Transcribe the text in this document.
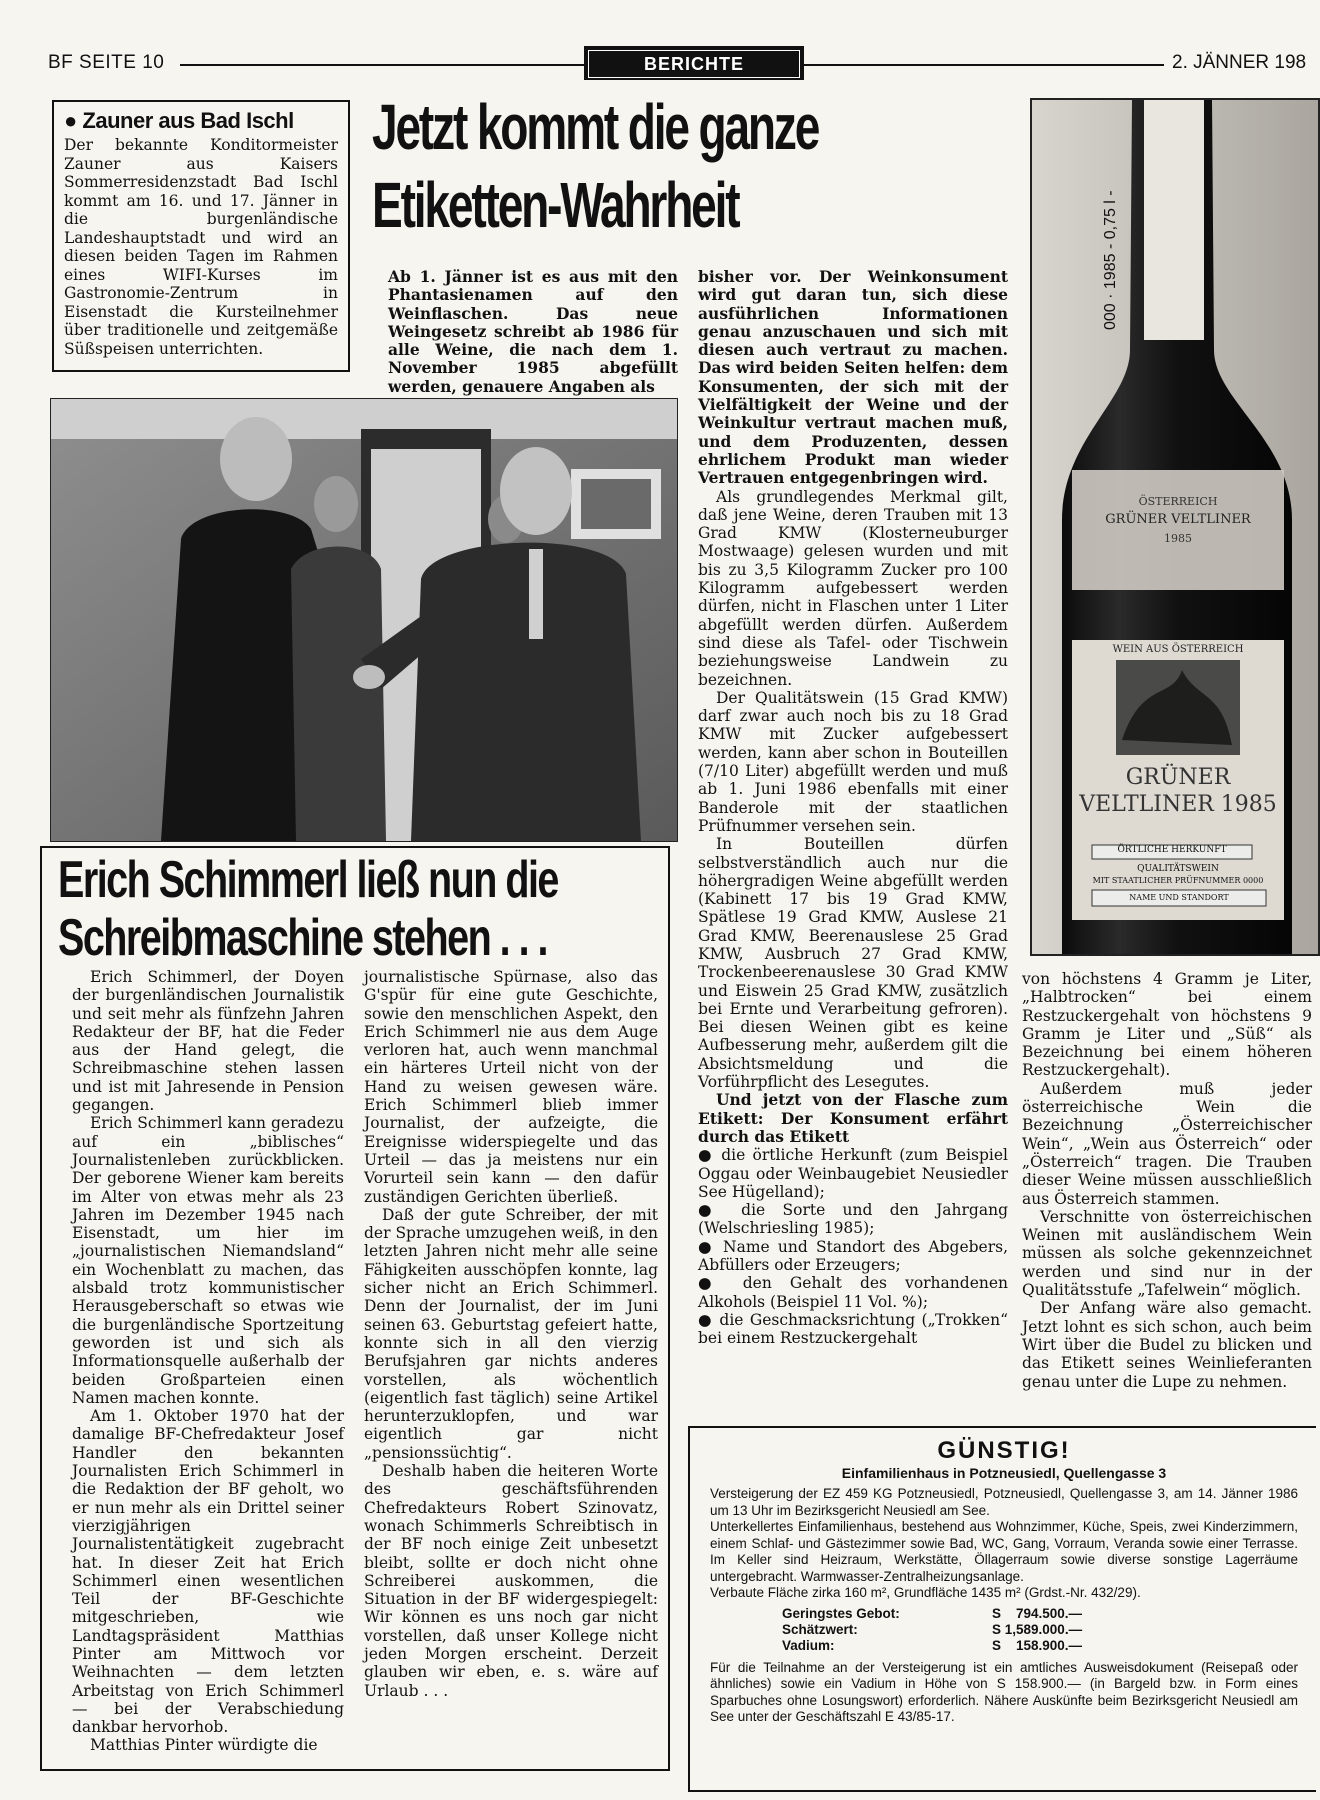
BF SEITE 10	BERICHTE	2. JÄNNER 198
● Zauner aus Bad Ischl

Der bekannte Konditormeister Zauner aus Kaisers Sommerresidenzstadt Bad Ischl kommt am 16. und 17. Jänner in die burgenländische Landeshauptstadt und wird an diesen beiden Tagen im Rahmen eines WIFI-Kurses im Gastronomie-Zentrum in Eisenstadt die Kursteilnehmer über traditionelle und zeitgemäße Süßspeisen unterrichten.

Jetzt kommt die ganze
Etiketten-Wahrheit

Ab 1. Jänner ist es aus mit den Phantasienamen auf den Weinflaschen. Das neue Weingesetz schreibt ab 1986 für alle Weine, die nach dem 1. November 1985 abgefüllt werden, genauere Angaben als

bisher vor. Der Weinkonsument wird gut daran tun, sich diese ausführlichen Informationen genau anzuschauen und sich mit diesen auch vertraut zu machen. Das wird beiden Seiten helfen: dem Konsumenten, der sich mit der Vielfältigkeit der Weine und der Weinkultur vertraut machen muß, und dem Produzenten, dessen ehrlichem Produkt man wieder Vertrauen entgegenbringen wird.

Als grundlegendes Merkmal gilt, daß jene Weine, deren Trauben mit 13 Grad KMW (Klosterneuburger Mostwaage) gelesen wurden und mit bis zu 3,5 Kilogramm Zucker pro 100 Kilogramm aufgebessert werden dürfen, nicht in Flaschen unter 1 Liter abgefüllt werden dürfen. Außerdem sind diese als Tafel- oder Tischwein beziehungsweise Landwein zu bezeichnen.

Der Qualitätswein (15 Grad KMW) darf zwar auch noch bis zu 18 Grad KMW mit Zucker aufgebessert werden, kann aber schon in Bouteillen (7/10 Liter) abgefüllt werden und muß ab 1. Juni 1986 ebenfalls mit einer Banderole mit der staatlichen Prüfnummer versehen sein.

In Bouteillen dürfen selbstverständlich auch nur die höhergradigen Weine abgefüllt werden (Kabinett 17 bis 19 Grad KMW, Spätlese 19 Grad KMW, Auslese 21 Grad KMW, Beerenauslese 25 Grad KMW, Ausbruch 27 Grad KMW, Trockenbeerenauslese 30 Grad KMW und Eiswein 25 Grad KMW, zusätzlich bei Ernte und Verarbeitung gefroren). Bei diesen Weinen gibt es keine Aufbesserung mehr, außerdem gilt die Absichtsmeldung und die Vorführpflicht des Lesegutes.

Und jetzt von der Flasche zum Etikett: Der Konsument erfährt durch das Etikett

● die örtliche Herkunft (zum Beispiel Oggau oder Weinbaugebiet Neusiedler See Hügelland);

● die Sorte und den Jahrgang (Welschriesling 1985);

● Name und Standort des Abgebers, Abfüllers oder Erzeugers;

● den Gehalt des vorhandenen Alkohols (Beispiel 11 Vol. %);

● die Geschmacksrichtung („Trokken“ bei einem Restzuckergehalt

000 · 1985 - 0,75 l -
ÖSTERREICH
GRÜNER VELTLINER
1985
WEIN AUS ÖSTERREICH
GRÜNER
VELTLINER 1985
ÖRTLICHE HERKUNFT
QUALITÄTSWEIN
MIT STAATLICHER PRÜFNUMMER 0000
NAME UND STANDORT
Erich Schimmerl ließ nun die
Schreibmaschine stehen . . .

Erich Schimmerl, der Doyen der burgenländischen Journalistik und seit mehr als fünfzehn Jahren Redakteur der BF, hat die Feder aus der Hand gelegt, die Schreibmaschine stehen lassen und ist mit Jahresende in Pension gegangen.

Erich Schimmerl kann geradezu auf ein „biblisches“ Journalistenleben zurückblicken. Der geborene Wiener kam bereits im Alter von etwas mehr als 23 Jahren im Dezember 1945 nach Eisenstadt, um hier im „journalistischen Niemandsland“ ein Wochenblatt zu machen, das alsbald trotz kommunistischer Herausgeberschaft so etwas wie die burgenländische Sportzeitung geworden ist und sich als Informationsquelle außerhalb der beiden Großparteien einen Namen machen konnte.

Am 1. Oktober 1970 hat der damalige BF-Chefredakteur Josef Handler den bekannten Journalisten Erich Schimmerl in die Redaktion der BF geholt, wo er nun mehr als ein Drittel seiner vierzigjährigen Journalistentätigkeit zugebracht hat. In dieser Zeit hat Erich Schimmerl einen wesentlichen Teil der BF-Geschichte mitgeschrieben, wie Landtagspräsident Matthias Pinter am Mittwoch vor Weihnachten — dem letzten Arbeitstag von Erich Schimmerl — bei der Verabschiedung dankbar hervorhob.

Matthias Pinter würdigte die

journalistische Spürnase, also das G'spür für eine gute Geschichte, sowie den menschlichen Aspekt, den Erich Schimmerl nie aus dem Auge verloren hat, auch wenn manchmal ein härteres Urteil nicht von der Hand zu weisen gewesen wäre. Erich Schimmerl blieb immer Journalist, der aufzeigte, die Ereignisse widerspiegelte und das Urteil — das ja meistens nur ein Vorurteil sein kann — den dafür zuständigen Gerichten überließ.

Daß der gute Schreiber, der mit der Sprache umzugehen weiß, in den letzten Jahren nicht mehr alle seine Fähigkeiten ausschöpfen konnte, lag sicher nicht an Erich Schimmerl. Denn der Journalist, der im Juni seinen 63. Geburtstag gefeiert hatte, konnte sich in all den vierzig Berufsjahren gar nichts anderes vorstellen, als wöchentlich (eigentlich fast täglich) seine Artikel herunterzuklopfen, und war eigentlich gar nicht „pensionssüchtig“.

Deshalb haben die heiteren Worte des geschäftsführenden Chefredakteurs Robert Szinovatz, wonach Schimmerls Schreibtisch in der BF noch einige Zeit unbesetzt bleibt, sollte er doch nicht ohne Schreiberei auskommen, die Situation in der BF widergespiegelt: Wir können es uns noch gar nicht vorstellen, daß unser Kollege nicht jeden Morgen erscheint. Derzeit glauben wir eben, e. s. wäre auf Urlaub . . .

von höchstens 4 Gramm je Liter, „Halbtrocken“ bei einem Restzuckergehalt von höchstens 9 Gramm je Liter und „Süß“ als Bezeichnung bei einem höheren Restzuckergehalt).

Außerdem muß jeder österreichische Wein die Bezeichnung „Österreichischer Wein“, „Wein aus Österreich“ oder „Österreich“ tragen. Die Trauben dieser Weine müssen ausschließlich aus Österreich stammen.

Verschnitte von österreichischen Weinen mit ausländischem Wein müssen als solche gekennzeichnet werden und sind nur in der Qualitätsstufe „Tafelwein“ möglich.

Der Anfang wäre also gemacht. Jetzt lohnt es sich schon, auch beim Wirt über die Budel zu blicken und das Etikett seines Weinlieferanten genau unter die Lupe zu nehmen.

GÜNSTIG!
Einfamilienhaus in Potzneusiedl, Quellengasse 3

Versteigerung der EZ 459 KG Potzneusiedl, Potzneusiedl, Quellengasse 3, am 14. Jänner 1986 um 13 Uhr im Bezirksgericht Neusiedl am See.

Unterkellertes Einfamilienhaus, bestehend aus Wohnzimmer, Küche, Speis, zwei Kinderzimmern, einem Schlaf- und Gästezimmer sowie Bad, WC, Gang, Vorraum, Veranda sowie einer Terrasse. Im Keller sind Heizraum, Werkstätte, Öllagerraum sowie diverse sonstige Lagerräume untergebracht. Warmwasser-Zentralheizungsanlage.

Verbaute Fläche zirka 160 m², Grundfläche 1435 m² (Grdst.-Nr. 432/29).

Geringstes Gebot:	S    794.500.—
Schätzwert:	S 1,589.000.—
Vadium:	S    158.900.—

Für die Teilnahme an der Versteigerung ist ein amtliches Ausweisdokument (Reisepaß oder ähnliches) sowie ein Vadium in Höhe von S 158.900.— (in Bargeld bzw. in Form eines Sparbuches ohne Losungswort) erforderlich. Nähere Auskünfte beim Bezirksgericht Neusiedl am See unter der Geschäftszahl E 43/85-17.
